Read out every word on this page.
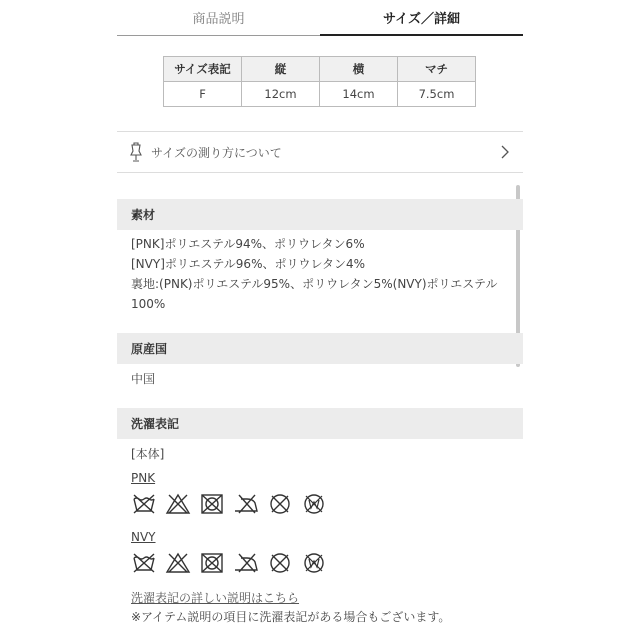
商品説明	サイズ／詳細
サイズ表記	縦	横	マチ
F	12cm	14cm	7.5cm
サイズの測り方について
素材
[PNK]ポリエステル94%、ポリウレタン6%
[NVY]ポリエステル96%、ポリウレタン4%
裏地:(PNK)ポリエステル95%、ポリウレタン5%(NVY)ポリエステル
100%
原産国
中国
洗濯表記
[本体]
PNK
NVY
洗濯表記の詳しい説明はこちら
※アイテム説明の項目に洗濯表記がある場合もございます。
